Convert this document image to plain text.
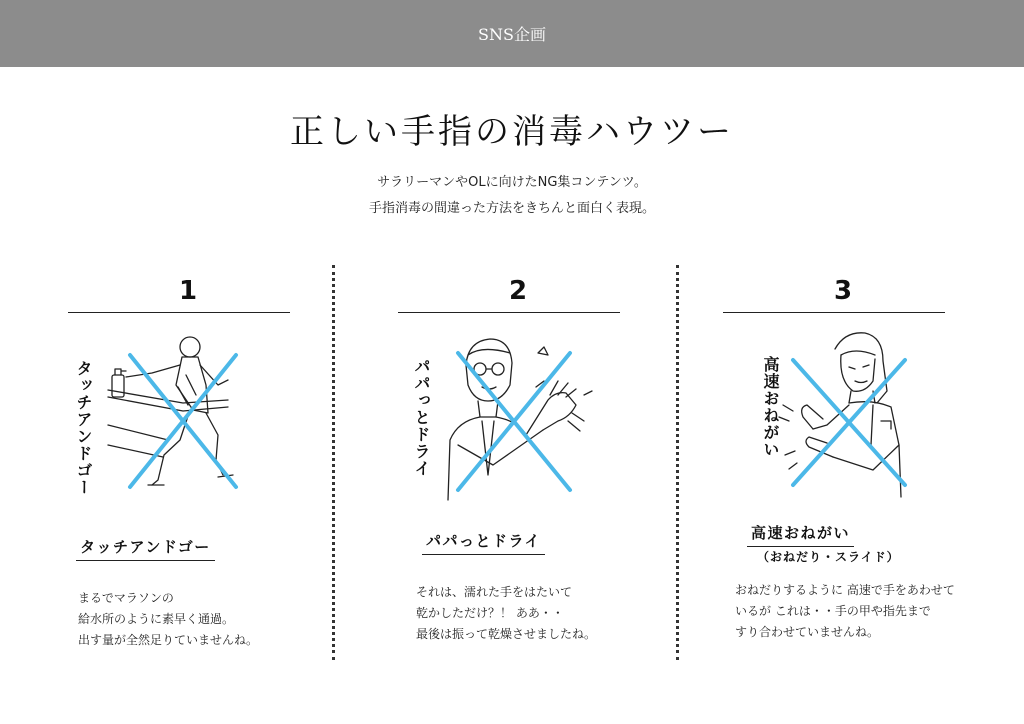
SNS企画
正しい手指の消毒ハウツー
サラリーマンやOLに向けたNG集コンテンツ。
手指消毒の間違った方法をきちんと面白く表現。
1
タッチアンドゴー
タッチアンドゴー
まるでマラソンの
給水所のように素早く通過。
出す量が全然足りていませんね。
2
パパっとドライ
パパっとドライ
それは、濡れた手をはたいて
乾かしただけ？！ ああ・・
最後は振って乾燥させましたね。
3
高速おねがい
高速おねがい
（おねだり・スライド）
おねだりするように 高速で手をあわせて
いるが これは・・手の甲や指先まで
すり合わせていませんね。
